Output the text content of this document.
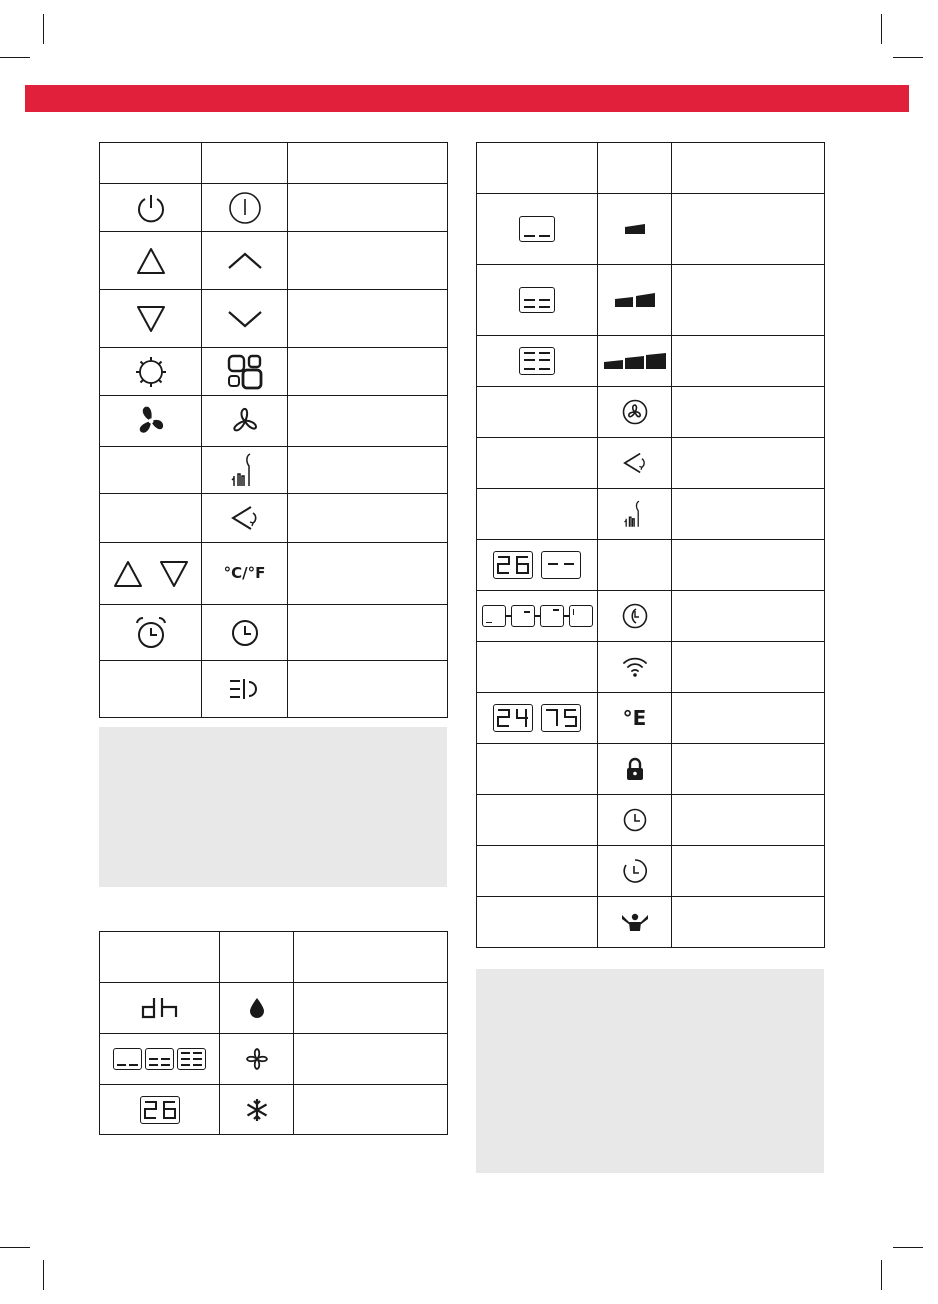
	°C/°F	

	°E	
